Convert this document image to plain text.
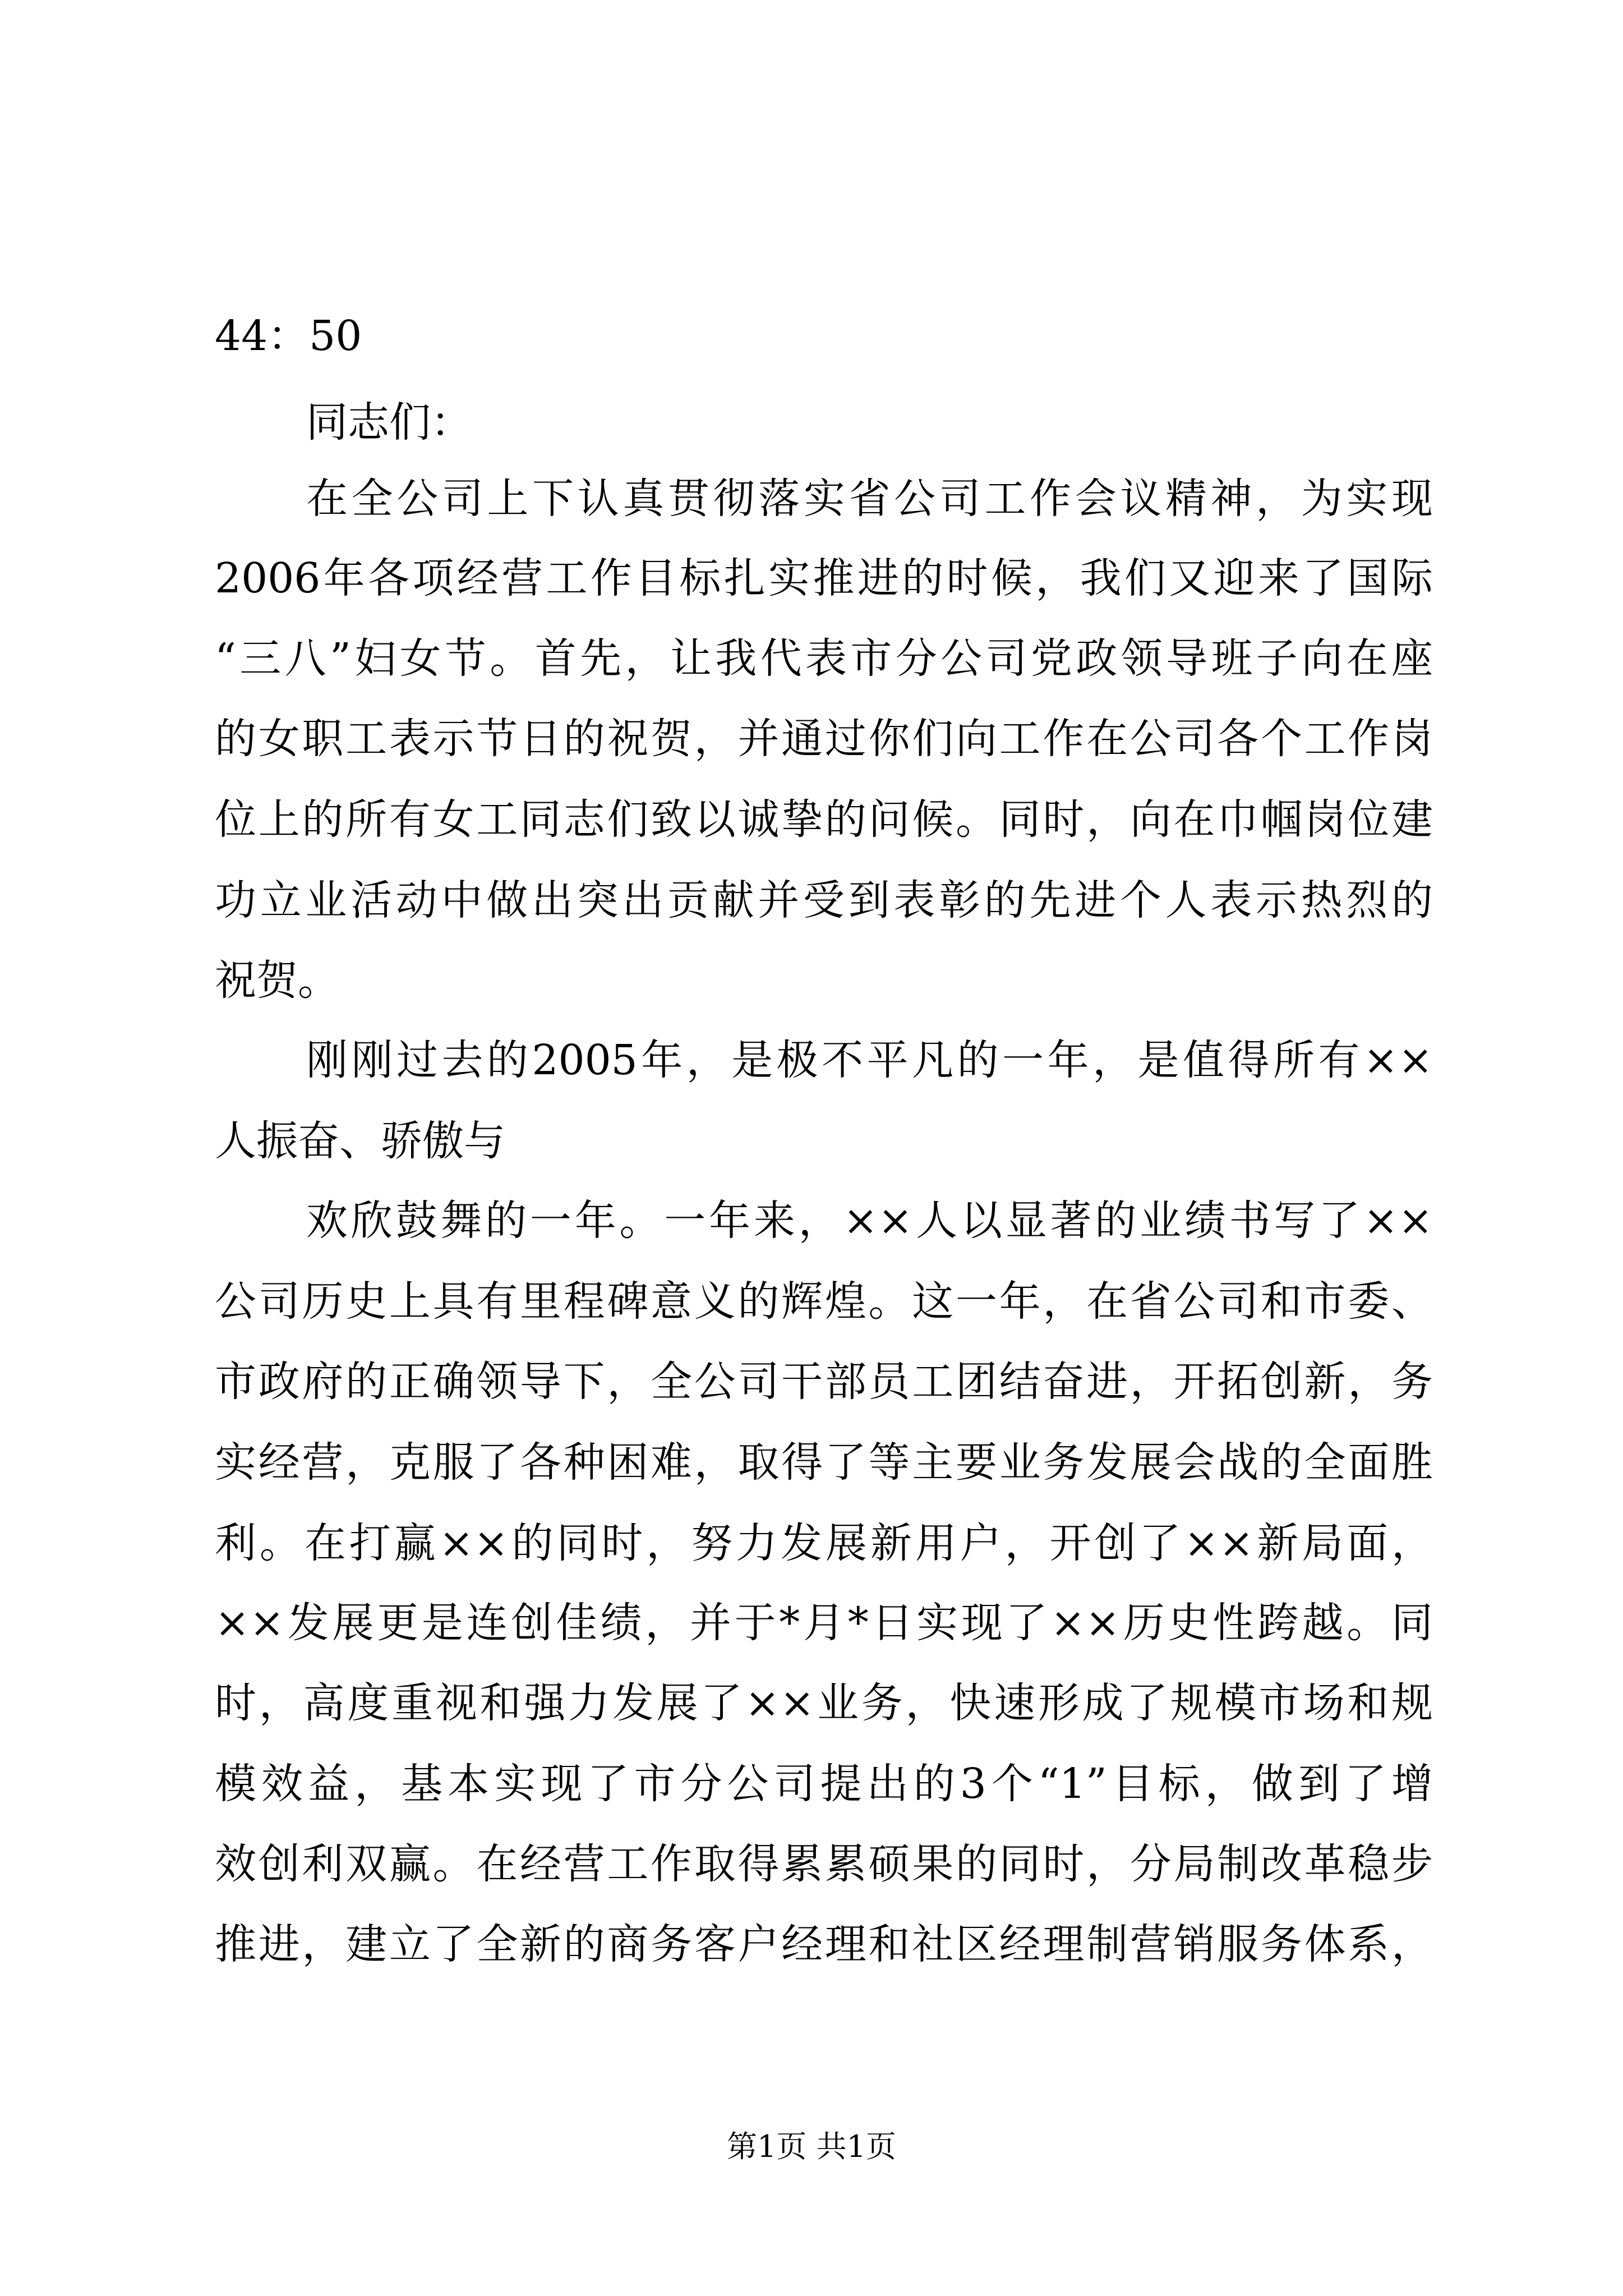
44：50
同志们：
在全公司上下认真贯彻落实省公司工作会议精神，为实现
2006年各项经营工作目标扎实推进的时候，我们又迎来了国际
“三八”妇女节。首先，让我代表市分公司党政领导班子向在座
的女职工表示节日的祝贺，并通过你们向工作在公司各个工作岗
位上的所有女工同志们致以诚挚的问候。同时，向在巾帼岗位建
功立业活动中做出突出贡献并受到表彰的先进个人表示热烈的
祝贺。
刚刚过去的2005年，是极不平凡的一年，是值得所有××
人振奋、骄傲与
欢欣鼓舞的一年。一年来，××人以显著的业绩书写了××
公司历史上具有里程碑意义的辉煌。这一年，在省公司和市委、
市政府的正确领导下，全公司干部员工团结奋进，开拓创新，务
实经营，克服了各种困难，取得了等主要业务发展会战的全面胜
利。在打赢××的同时，努力发展新用户，开创了××新局面，
××发展更是连创佳绩，并于*月*日实现了××历史性跨越。同
时，高度重视和强力发展了××业务，快速形成了规模市场和规
模效益，基本实现了市分公司提出的3个“1”目标，做到了增
效创利双赢。在经营工作取得累累硕果的同时，分局制改革稳步
推进，建立了全新的商务客户经理和社区经理制营销服务体系，
第1页 共1页
